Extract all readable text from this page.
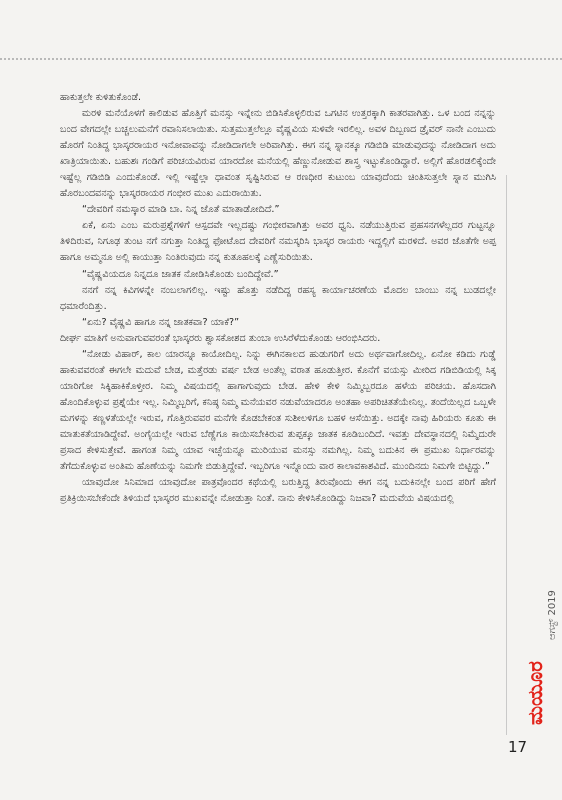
ಹಾಕುತ್ತಲೇ ಕುಳಿತುಕೊಂಡೆ.

ಮರಳಿ ಮನೆಯೊಳಗೆ ಕಾಲಿಡುವ ಹೊತ್ತಿಗೆ ಮನಸ್ಸು ಇನ್ನೇನು ಬಿಡಿಸಿಕೊಳ್ಳಲಿರುವ ಒಗಟಿನ ಉತ್ತರಕ್ಕಾಗಿ ಕಾತರವಾಗಿತ್ತು. ಒಳ ಬಂದ ನನ್ನನ್ನು ಬಂದ ವೇಗದಲ್ಲೇ ಬಚ್ಚಲುಮನೆಗೆ ರವಾನಿಸಲಾಯಿತು. ಸುತ್ತಮುತ್ತಲೆಲ್ಲೂ ವೈಷ್ಣವಿಯ ಸುಳಿವೇ ಇರಲಿಲ್ಲ. ಅವಳ ದಿಬ್ಬಣದ ಡ್ರೈವರ್ ನಾನೇ ಎಂಬುದು ಹೊರಗೆ ನಿಂತಿದ್ದ ಭಾಸ್ಕರರಾಯರ ಇನೋವಾವನ್ನು ನೋಡಿದಾಗಲೇ ಅರಿವಾಗಿತ್ತು. ಈಗ ನನ್ನ ಸ್ನಾನಕ್ಕೂ ಗಡಿಬಿಡಿ ಮಾಡುವುದನ್ನು ನೋಡಿದಾಗ ಅದು ಖಾತ್ರಿಯಾಯಿತು. ಬಹುಶಃ ಗಂಡಿಗೆ ಪರಿಚಯವಿರುವ ಯಾರದೋ ಮನೆಯಲ್ಲಿ ಹೆಣ್ಣುನೋಡುವ ಶಾಸ್ತ್ರ ಇಟ್ಟುಕೊಂಡಿದ್ದಾರೆ. ಅಲ್ಲಿಗೆ ಹೊರಡಲಿಕ್ಕೆಂದೇ ಇಷ್ಟೆಲ್ಲ ಗಡಿಬಿಡಿ ಎಂದುಕೊಂಡೆ. ಇಲ್ಲಿ ಇಷ್ಟೆಲ್ಲಾ ಧಾವಂತ ಸೃಷ್ಟಿಸಿರುವ ಆ ರಣಧೀರ ಕುಟುಂಬ ಯಾವುದೆಂದು ಚಿಂತಿಸುತ್ತಲೇ ಸ್ನಾನ ಮುಗಿಸಿ ಹೊರಬಂದವನನ್ನು ಭಾಸ್ಕರರಾಯರ ಗಂಭೀರ ಮುಖ ಎದುರಾಯಿತು.

“ದೇವರಿಗೆ ನಮಸ್ಕಾರ ಮಾಡಿ ಬಾ. ನಿನ್ನ ಜೊತೆ ಮಾತಾಡೋದಿದೆ.”

ಏಕೆ, ಏನು ಎಂಬ ಮರುಪ್ರಶ್ನೆಗಳಿಗೆ ಆಸ್ಪದವೇ ಇಲ್ಲದಷ್ಟು ಗಂಭೀರವಾಗಿತ್ತು ಅವರ ಧ್ವನಿ. ನಡೆಯುತ್ತಿರುವ ಪ್ರಹಸನಗಳೆಲ್ಲದರ ಗುಟ್ಟನ್ನೂ ತಿಳಿದಿರುವ, ನಿಗೂಢ ತುಂಟ ನಗೆ ನಗುತ್ತಾ ನಿಂತಿದ್ದ ಫೋಟೊದ ದೇವರಿಗೆ ನಮಸ್ಕರಿಸಿ ಭಾಸ್ಕರ ರಾಯರು ಇದ್ದಲ್ಲಿಗೆ ಮರಳಿದೆ. ಅವರ ಜೊತೆಗೇ ಅಪ್ಪ ಹಾಗೂ ಅಮ್ಮನೂ ಅಲ್ಲಿ ಕಾಯುತ್ತಾ ನಿಂತಿರುವುದು ನನ್ನ ಕುತೂಹಲಕ್ಕೆ ಎಣ್ಣೆಸುರಿಯಿತು.

“ವೈಷ್ಣವಿಯದೂ ನಿನ್ನದೂ ಜಾತಕ ನೋಡಿಸಿಕೊಂಡು ಬಂದಿದ್ದೇವೆ.”

ನನಗೆ ನನ್ನ ಕಿವಿಗಳನ್ನೇ ನಂಬಲಾಗಲಿಲ್ಲ. ಇಷ್ಟು ಹೊತ್ತು ನಡೆದಿದ್ದ ರಹಸ್ಯ ಕಾರ್ಯಾಚರಣೆಯ ಮೊದಲ ಬಾಂಬು ನನ್ನ ಬುಡದಲ್ಲೇ ಧಮಾರೆಂದಿತ್ತು.

“ಏನು? ವೈಷ್ಣವಿ ಹಾಗೂ ನನ್ನ ಜಾತಕವಾ? ಯಾಕೆ?”

ದೀರ್ಘ ಮಾತಿಗೆ ಅನುವಾಗುವವರಂತೆ ಭಾಸ್ಕರರು ಶ್ವಾಸಕೋಶದ ತುಂಬಾ ಉಸಿರೆಳೆದುಕೊಂಡು ಆರಂಭಿಸಿದರು.

“ನೋಡು ವಿಹಾರ್, ಕಾಲ ಯಾರನ್ನೂ ಕಾಯೋದಿಲ್ಲ. ನಿನ್ನು ಈಗಿನಕಾಲದ ಹುಡುಗರಿಗೆ ಅದು ಅರ್ಥವಾಗೋದಿಲ್ಲ. ಏನೋ ಕಡಿದು ಗುಡ್ಡೆ ಹಾಕುವವರಂತೆ ಈಗಲೇ ಮದುವೆ ಬೇಡ, ಮತ್ತೆರಡು ವರ್ಷ ಬೇಡ ಅಂತೆಲ್ಲ ವರಾತ ಹೂಡುತ್ತೀರ. ಕೊನೆಗೆ ವಯಸ್ಸು ಮೀರಿದ ಗಡಿಬಿಡಿಯಲ್ಲಿ ಸಿಕ್ಕ ಯಾರಿಗೋ ಸಿಕ್ಕಿಹಾಕಿಕೊಳ್ತೀರ. ನಿಮ್ಮ ವಿಷಯದಲ್ಲಿ ಹಾಗಾಗುವುದು ಬೇಡ. ಹೇಳಿ ಕೇಳಿ ನಿಮ್ಮಿಬ್ಬರದೂ ಹಳೆಯ ಪರಿಚಯ. ಹೊಸದಾಗಿ ಹೊಂದಿಕೊಳ್ಳುವ ಪ್ರಶ್ನೆಯೇ ಇಲ್ಲ. ನಿಮ್ಮಿಬ್ಬರಿಗೆ, ಕನಿಷ್ಠ ನಿಮ್ಮ ಮನೆಯವರ ನಡುವೆಯಾದರೂ ಅಂತಹಾ ಅಪರಿಚಿತತೆಯೇನಿಲ್ಲ. ತಂದೆಯಿಲ್ಲದ ಒಬ್ಬಳೇ ಮಗಳನ್ನು ಕಣ್ಣಳತೆಯಲ್ಲೇ ಇರುವ, ಗೊತ್ತಿರುವವರ ಮನೆಗೇ ಕೊಡಬೇಕಂತ ಸುಶೀಲಳಿಗೂ ಬಹಳ ಆಸೆಯಿತ್ತು. ಅದಕ್ಕೇ ನಾವು ಹಿರಿಯರು ಕೂತು ಈ ಮಾತುಕತೆಯಾಡಿದ್ದೇವೆ. ಅಂಗೈಯಲ್ಲೇ ಇರುವ ಬೆಣ್ಣೆಗೂ ಕಾಯಿಸಬೇಕಿರುವ ತುಪ್ಪಕ್ಕೂ ಜಾತಕ ಕೂಡಿಬಂದಿದೆ. ಇವತ್ತು ದೇವಸ್ಥಾನದಲ್ಲಿ ನಿಮ್ಮೆದುರೇ ಪ್ರಸಾದ ಕೇಳಿಸುತ್ತೇವೆ. ಹಾಗಂತ ನಿಮ್ಮ ಯಾವ ಇಚ್ಛೆಯನ್ನೂ ಮುರಿಯುವ ಮನಸ್ಸು ನಮಗಿಲ್ಲ. ನಿಮ್ಮ ಬದುಕಿನ ಈ ಪ್ರಮುಖ ನಿರ್ಧಾರವನ್ನು ತೆಗೆದುಕೊಳ್ಳುವ ಅಂತಿಮ ಹೊಣೆಯನ್ನು ನಿಮಗೇ ಬಿಡುತ್ತಿದ್ದೇವೆ. ಇಬ್ಬರಿಗೂ ಇನ್ನೊಂದು ವಾರ ಕಾಲಾವಕಾಶವಿದೆ. ಮುಂದಿನದು ನಿಮಗೇ ಬಿಟ್ಟಿದ್ದು.”

ಯಾವುದೋ ಸಿನಿಮಾದ ಯಾವುದೋ ಪಾತ್ರವೊಂದರ ಕಥೆಯಲ್ಲಿ ಬರುತ್ತಿದ್ದ ತಿರುವೊಂದು ಈಗ ನನ್ನ ಬದುಕಿನಲ್ಲೇ ಬಂದ ಪರಿಗೆ ಹೇಗೆ ಪ್ರತಿಕ್ರಿಯಿಸಬೇಕೆಂದೇ ತಿಳಿಯದೆ ಭಾಸ್ಕರರ ಮುಖವನ್ನೇ ನೋಡುತ್ತಾ ನಿಂತೆ. ನಾನು ಕೇಳಿಸಿಕೊಂಡಿದ್ದು ನಿಜವಾ? ಮದುವೆಯ ವಿಷಯದಲ್ಲಿ

ಆಗಸ್ಟ್ 2019
ಮಯೂರ
17
